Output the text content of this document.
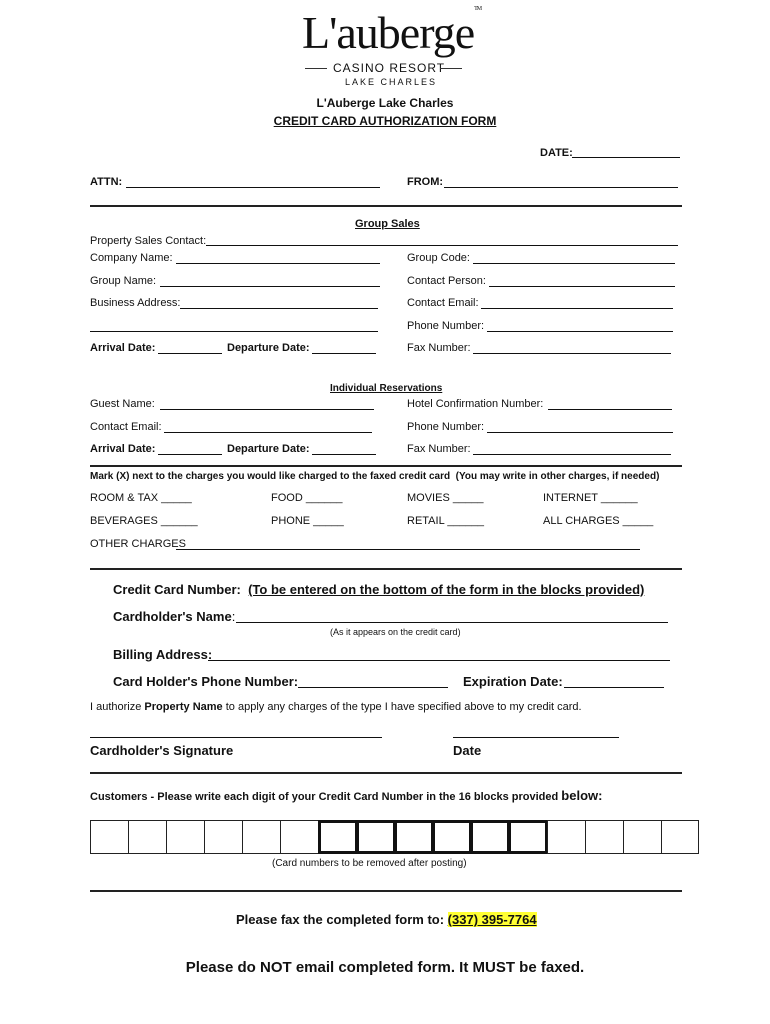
L'auberge™
CASINO RESORT
LAKE CHARLES
L'Auberge Lake Charles
CREDIT CARD AUTHORIZATION FORM
DATE:
ATTN:	FROM:
Group Sales
Property Sales Contact:
Company Name:	Group Code:
Group Name:	Contact Person:
Business Address:	Contact Email:
Phone Number:
Arrival Date:	Departure Date:	Fax Number:
Individual Reservations
Guest Name:	Hotel Confirmation Number:
Contact Email:	Phone Number:
Arrival Date:	Departure Date:	Fax Number:
Mark (X) next to the charges you would like charged to the faxed credit card (You may write in other charges, if needed)
ROOM & TAX _____	FOOD ______	MOVIES _____	INTERNET ______
BEVERAGES ______	PHONE _____	RETAIL ______	ALL CHARGES _____
OTHER CHARGES
Credit Card Number: (To be entered on the bottom of the form in the blocks provided)
Cardholder's Name:
(As it appears on the credit card)
Billing Address:
Card Holder's Phone Number:	Expiration Date:
I authorize Property Name to apply any charges of the type I have specified above to my credit card.
Cardholder's Signature	Date
Customers - Please write each digit of your Credit Card Number in the 16 blocks provided below:
(Card numbers to be removed after posting)
Please fax the completed form to: (337) 395-7764
Please do NOT email completed form. It MUST be faxed.
